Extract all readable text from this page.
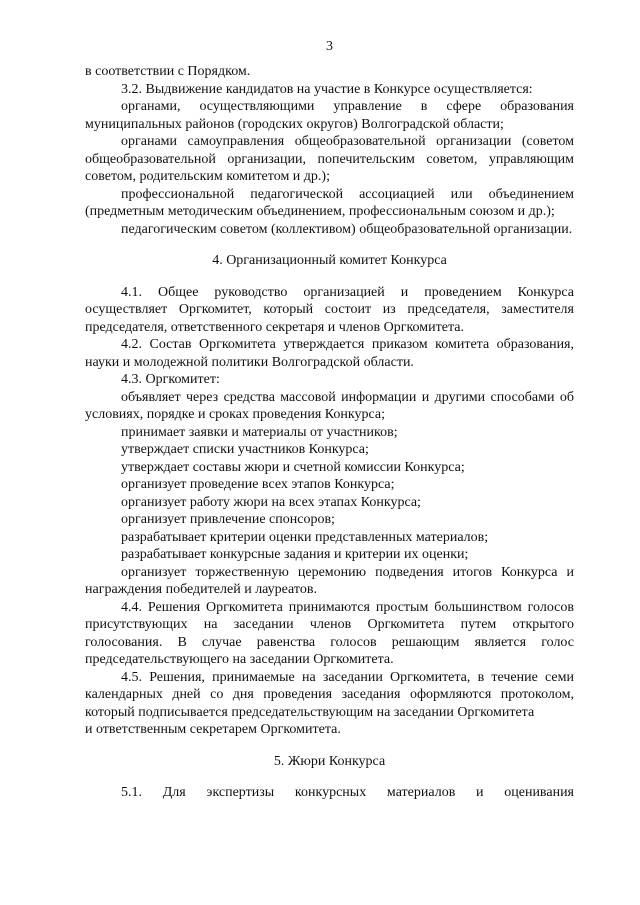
3

в соответствии с Порядком.

3.2. Выдвижение кандидатов на участие в Конкурсе осуществляется:

органами, осуществляющими управление в сфере образования муниципальных районов (городских округов) Волгоградской области;

органами самоуправления общеобразовательной организации (советом общеобразовательной организации, попечительским советом, управляющим советом, родительским комитетом и др.);

профессиональной педагогической ассоциацией или объединением (предметным методическим объединением, профессиональным союзом и др.);

педагогическим советом (коллективом) общеобразовательной организации.

4. Организационный комитет Конкурса

4.1. Общее руководство организацией и проведением Конкурса осуществляет Оргкомитет, который состоит из председателя, заместителя председателя, ответственного секретаря и членов Оргкомитета.

4.2. Состав Оргкомитета утверждается приказом комитета образования, науки и молодежной политики Волгоградской области.

4.3. Оргкомитет:

объявляет через средства массовой информации и другими способами об условиях, порядке и сроках проведения Конкурса;

принимает заявки и материалы от участников;

утверждает списки участников Конкурса;

утверждает составы жюри и счетной комиссии Конкурса;

организует проведение всех этапов Конкурса;

организует работу жюри на всех этапах Конкурса;

организует привлечение спонсоров;

разрабатывает критерии оценки представленных материалов;

разрабатывает конкурсные задания и критерии их оценки;

организует торжественную церемонию подведения итогов Конкурса и награждения победителей и лауреатов.

4.4. Решения Оргкомитета принимаются простым большинством голосов присутствующих на заседании членов Оргкомитета путем открытого голосования. В случае равенства голосов решающим является голос председательствующего на заседании Оргкомитета.

4.5. Решения, принимаемые на заседании Оргкомитета, в течение семи календарных дней со дня проведения заседания оформляются протоколом, который подписывается председательствующим на заседании Оргкомитета

и ответственным секретарем Оргкомитета.

5. Жюри Конкурса

5.1. Для экспертизы конкурсных материалов и оценивания
